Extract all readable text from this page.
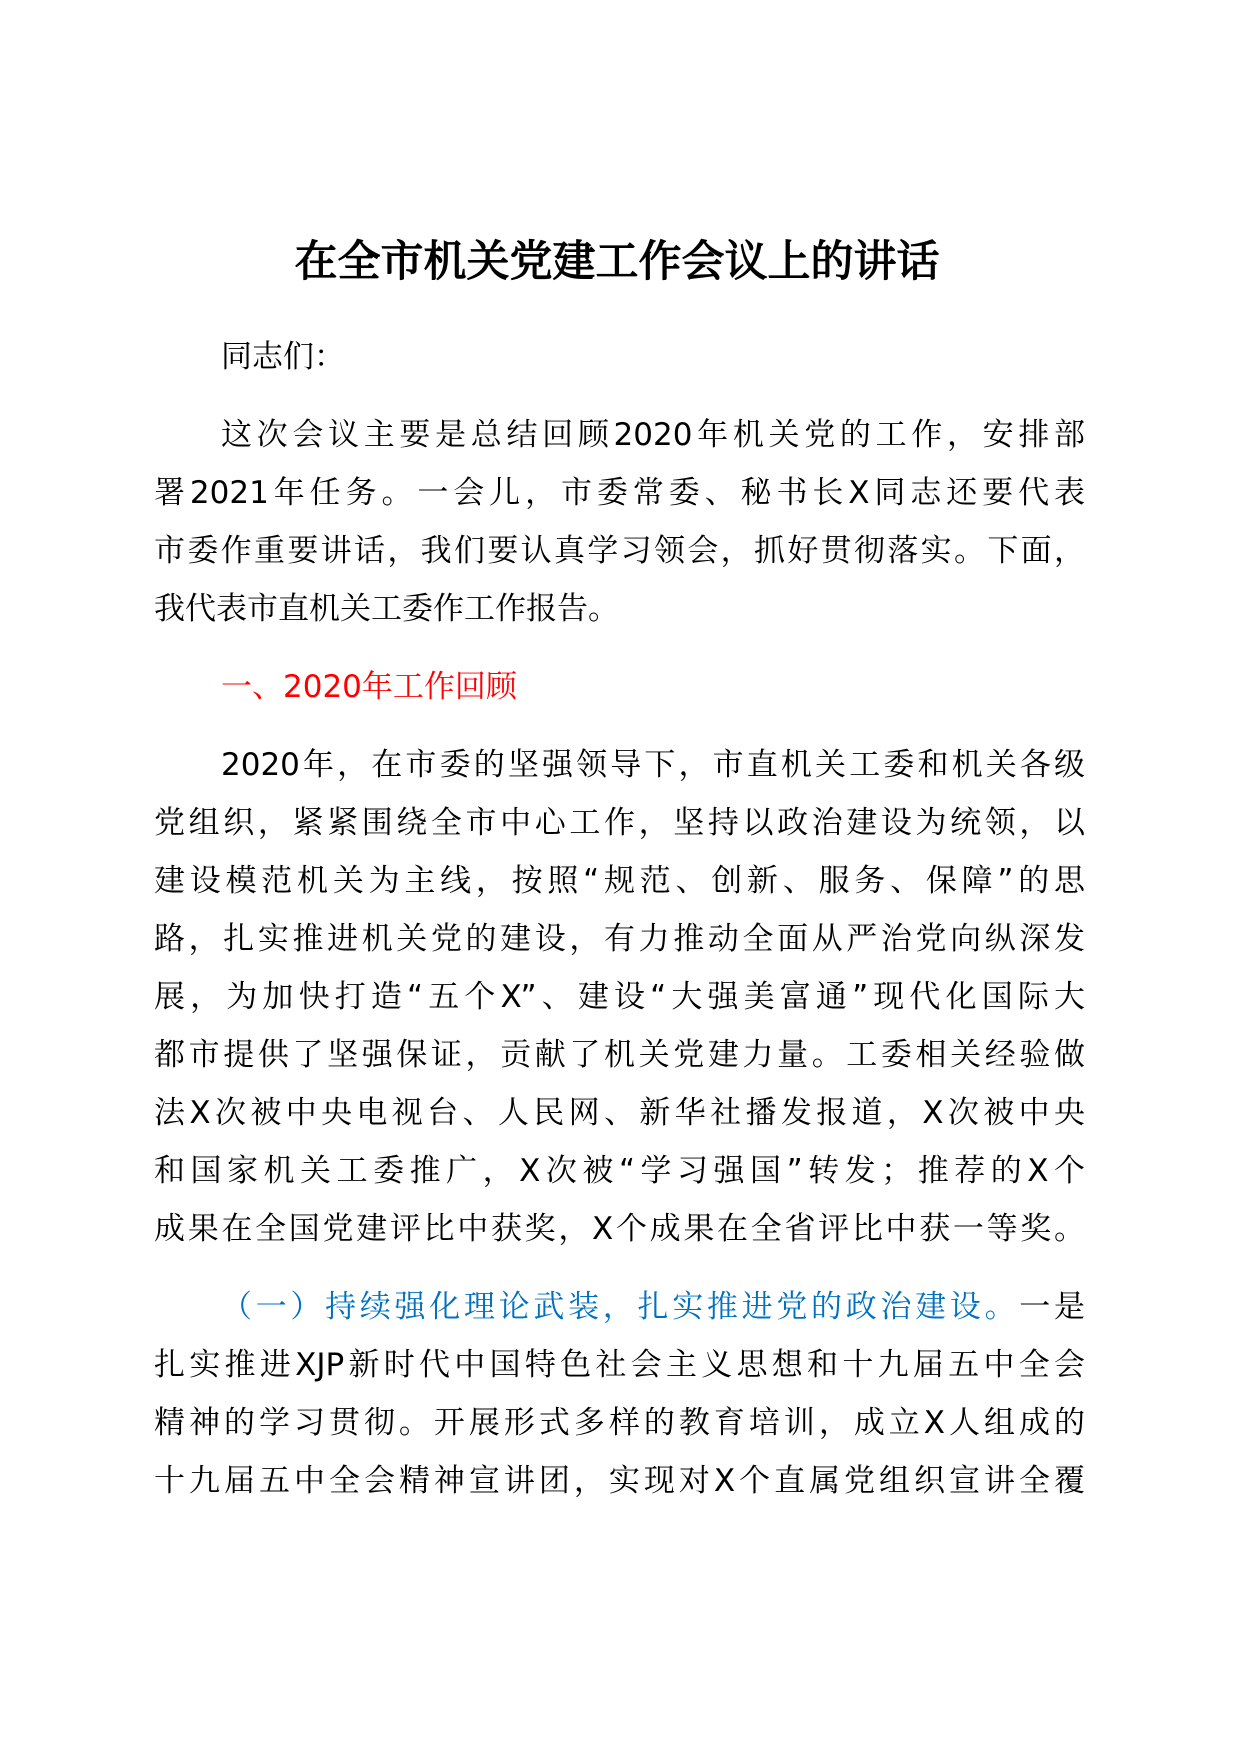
在全市机关党建工作会议上的讲话
同志们：
这次会议主要是总结回顾2020年机关党的工作，安排部
署2021年任务。一会儿，市委常委、秘书长X同志还要代表
市委作重要讲话，我们要认真学习领会，抓好贯彻落实。下面，
我代表市直机关工委作工作报告。
一、2020年工作回顾
2020年，在市委的坚强领导下，市直机关工委和机关各级
党组织，紧紧围绕全市中心工作，坚持以政治建设为统领，以
建设模范机关为主线，按照“规范、创新、服务、保障”的思
路，扎实推进机关党的建设，有力推动全面从严治党向纵深发
展，为加快打造“五个X”、建设“大强美富通”现代化国际大
都市提供了坚强保证，贡献了机关党建力量。工委相关经验做
法X次被中央电视台、人民网、新华社播发报道，X次被中央
和国家机关工委推广，X次被“学习强国”转发；推荐的X个
成果在全国党建评比中获奖，X个成果在全省评比中获一等奖。
（一）持续强化理论武装，扎实推进党的政治建设。一是
扎实推进XJP新时代中国特色社会主义思想和十九届五中全会
精神的学习贯彻。开展形式多样的教育培训，成立X人组成的
十九届五中全会精神宣讲团，实现对X个直属党组织宣讲全覆
